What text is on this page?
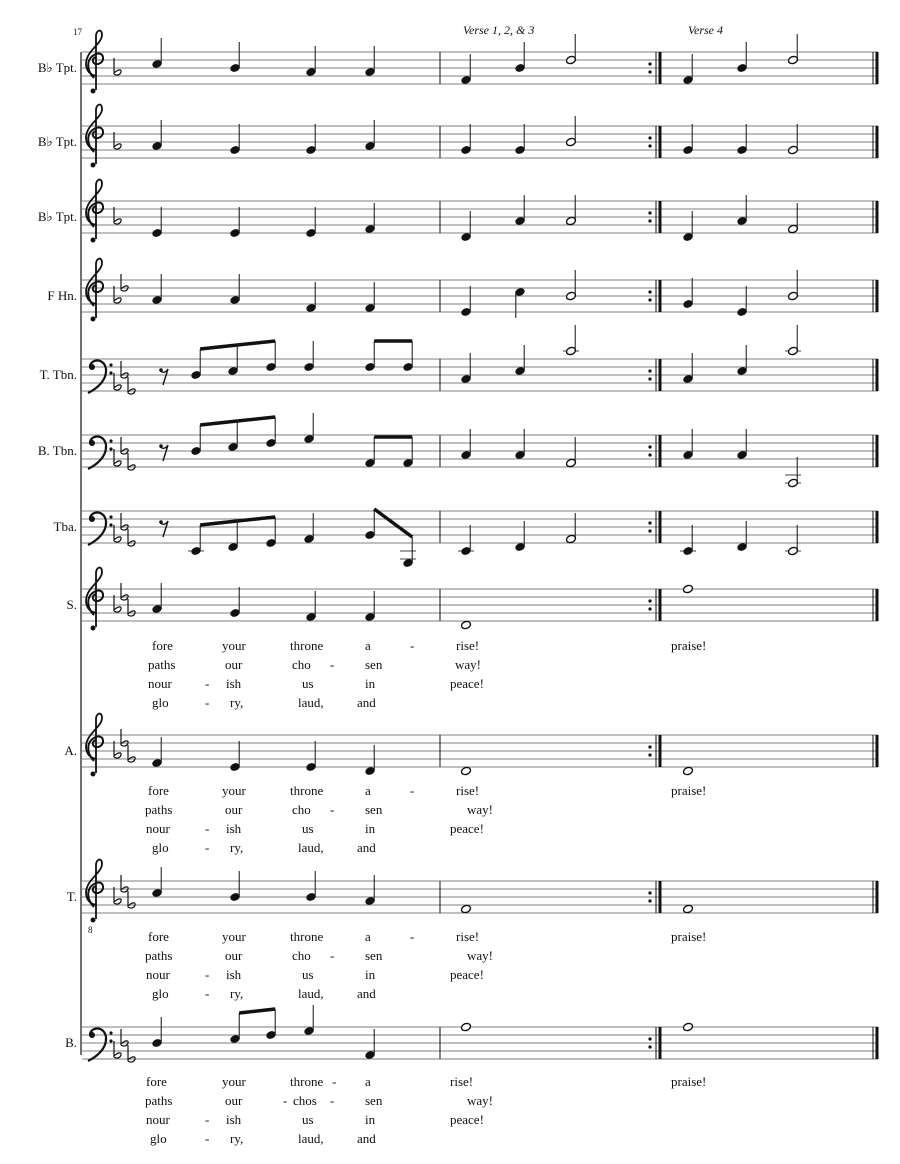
17	Verse 1, 2, & 3	Verse 4
8
B♭ Tpt.
B♭ Tpt.
B♭ Tpt.
F Hn.
T. Tbn.
B. Tbn.
Tba.
S.
A.
T.
B.
fore	your	throne	a	-	rise!	praise!
paths	our	cho - sen	way!
nour	- ish	us	in	peace!
glo	- ry,	laud,	and
fore	your	throne	a	-	rise!	praise!
paths	our	cho - sen	way!
nour	- ish	us	in	peace!
glo	- ry,	laud,	and
fore	your	throne	a	-	rise!	praise!
paths	our	cho - sen	way!
nour	- ish	us	in	peace!
glo	- ry,	laud,	and
fore	your	throne - a	rise!	praise!
paths	our	- chos - sen	way!
nour	- ish	us	in	peace!
glo	- ry,	laud,	and
